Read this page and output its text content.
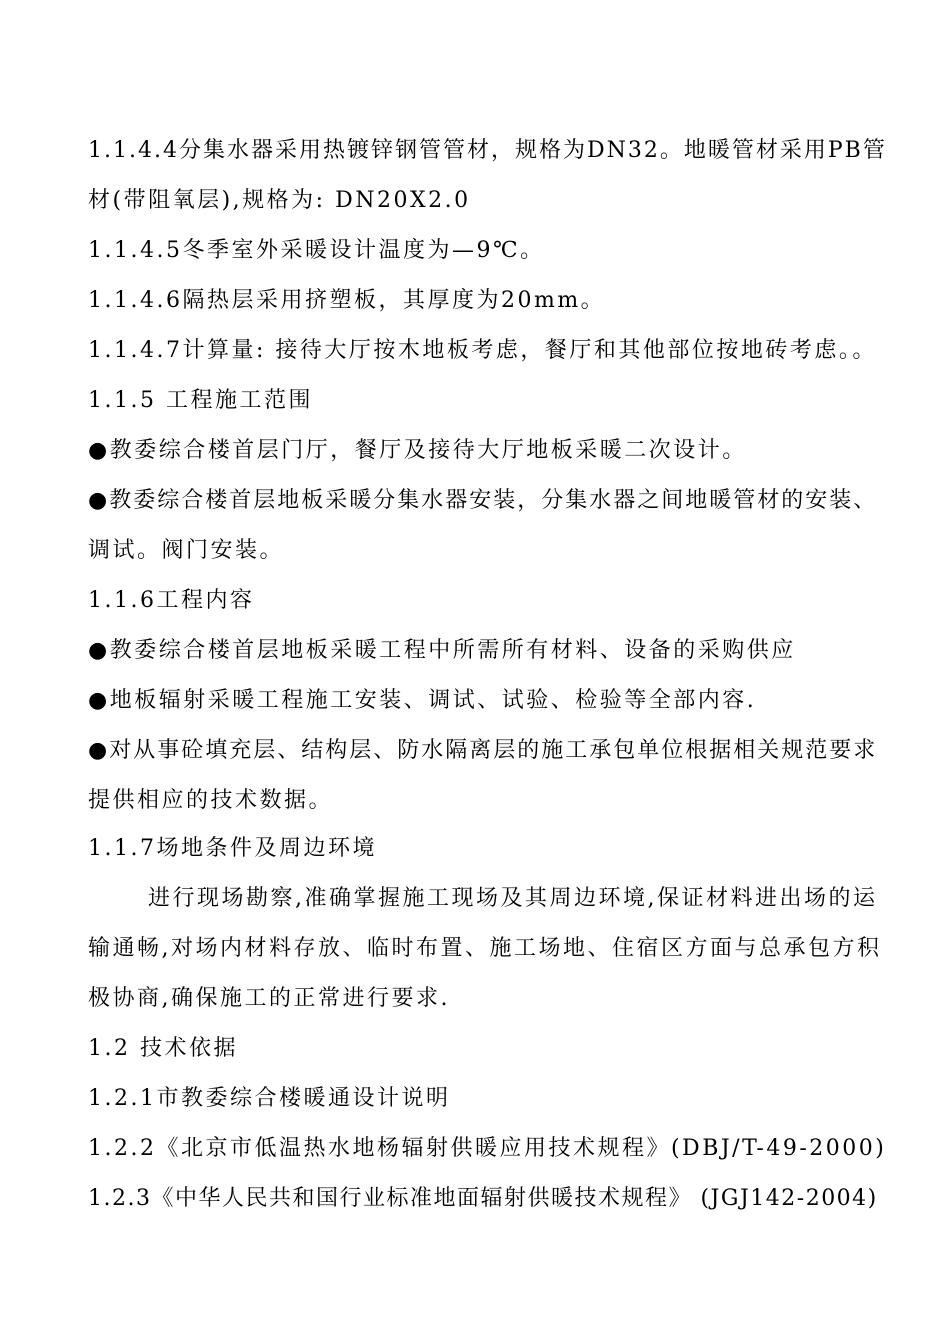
1.1.4.4分集水器采用热镀锌钢管管材，规格为DN32。地暖管材采用PB管
材(带阻氧层),规格为: DN20X2.0
1.1.4.5冬季室外采暖设计温度为—9℃。
1.1.4.6隔热层采用挤塑板，其厚度为20mm。
1.1.4.7计算量: 接待大厅按木地板考虑，餐厅和其他部位按地砖考虑。。
1.1.5 工程施工范围
●教委综合楼首层门厅，餐厅及接待大厅地板采暖二次设计。
●教委综合楼首层地板采暖分集水器安装，分集水器之间地暖管材的安装、
调试。阀门安装。
1.1.6工程内容
●教委综合楼首层地板采暖工程中所需所有材料、设备的采购供应
●地板辐射采暖工程施工安装、调试、试验、检验等全部内容.
●对从事砼填充层、结构层、防水隔离层的施工承包单位根据相关规范要求
提供相应的技术数据。
1.1.7场地条件及周边环境
进行现场勘察,准确掌握施工现场及其周边环境,保证材料进出场的运
输通畅,对场内材料存放、临时布置、施工场地、住宿区方面与总承包方积
极协商,确保施工的正常进行要求.
1.2 技术依据
1.2.1市教委综合楼暖通设计说明
1.2.2《北京市低温热水地杨辐射供暖应用技术规程》(DBJ/T-49-2000)
1.2.3《中华人民共和国行业标准地面辐射供暖技术规程》 (JGJ142-2004)
